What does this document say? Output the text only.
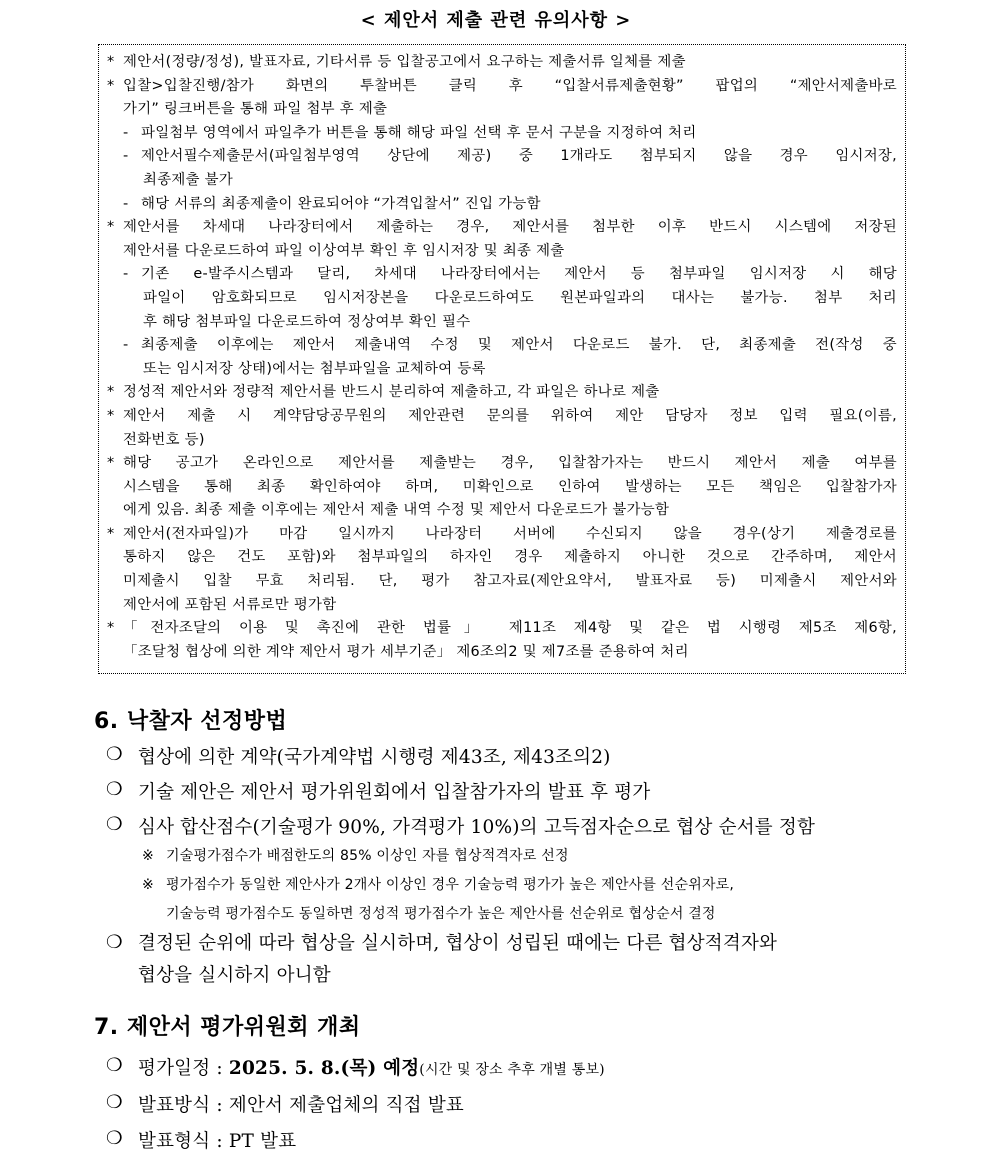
< 제안서 제출 관련 유의사항 >
* 제안서(정량/정성), 발표자료, 기타서류 등 입찰공고에서 요구하는 제출서류 일체를 제출
* 입찰>입찰진행/참가 화면의 투찰버튼 클릭 후 “입찰서류제출현황” 팝업의 “제안서제출바로
가기” 링크버튼을 통해 파일 첨부 후 제출
- 파일첨부 영역에서 파일추가 버튼을 통해 해당 파일 선택 후 문서 구분을 지정하여 처리
- 제안서필수제출문서(파일첨부영역 상단에 제공) 중 1개라도 첨부되지 않을 경우 임시저장,
최종제출 불가
- 해당 서류의 최종제출이 완료되어야 “가격입찰서” 진입 가능함
* 제안서를 차세대 나라장터에서 제출하는 경우, 제안서를 첨부한 이후 반드시 시스템에 저장된
제안서를 다운로드하여 파일 이상여부 확인 후 임시저장 및 최종 제출
- 기존 e-발주시스템과 달리, 차세대 나라장터에서는 제안서 등 첨부파일 임시저장 시 해당
파일이 암호화되므로 임시저장본을 다운로드하여도 원본파일과의 대사는 불가능. 첨부 처리
후 해당 첨부파일 다운로드하여 정상여부 확인 필수
- 최종제출 이후에는 제안서 제출내역 수정 및 제안서 다운로드 불가. 단, 최종제출 전(작성 중
또는 임시저장 상태)에서는 첨부파일을 교체하여 등록
* 정성적 제안서와 정량적 제안서를 반드시 분리하여 제출하고, 각 파일은 하나로 제출
* 제안서 제출 시 계약담당공무원의 제안관련 문의를 위하여 제안 담당자 정보 입력 필요(이름,
전화번호 등)
* 해당 공고가 온라인으로 제안서를 제출받는 경우, 입찰참가자는 반드시 제안서 제출 여부를
시스템을 통해 최종 확인하여야 하며, 미확인으로 인하여 발생하는 모든 책임은 입찰참가자
에게 있음. 최종 제출 이후에는 제안서 제출 내역 수정 및 제안서 다운로드가 불가능함
* 제안서(전자파일)가 마감 일시까지 나라장터 서버에 수신되지 않을 경우(상기 제출경로를
통하지 않은 건도 포함)와 첨부파일의 하자인 경우 제출하지 아니한 것으로 간주하며, 제안서
미제출시 입찰 무효 처리됨. 단, 평가 참고자료(제안요약서, 발표자료 등) 미제출시 제안서와
제안서에 포함된 서류로만 평가함
* 「전자조달의 이용 및 촉진에 관한 법률」 제11조 제4항 및 같은 법 시행령 제5조 제6항,
「조달청 협상에 의한 계약 제안서 평가 세부기준」 제6조의2 및 제7조를 준용하여 처리
6. 낙찰자 선정방법
❍ 협상에 의한 계약(국가계약법 시행령 제43조, 제43조의2)
❍ 기술 제안은 제안서 평가위원회에서 입찰참가자의 발표 후 평가
❍ 심사 합산점수(기술평가 90%, 가격평가 10%)의 고득점자순으로 협상 순서를 정함
※ 기술평가점수가 배점한도의 85% 이상인 자를 협상적격자로 선정
※ 평가점수가 동일한 제안사가 2개사 이상인 경우 기술능력 평가가 높은 제안사를 선순위자로,
기술능력 평가점수도 동일하면 정성적 평가점수가 높은 제안사를 선순위로 협상순서 결정
❍ 결정된 순위에 따라 협상을 실시하며, 협상이 성립된 때에는 다른 협상적격자와
협상을 실시하지 아니함
7. 제안서 평가위원회 개최
❍ 평가일정 : 2025. 5. 8.(목) 예정(시간 및 장소 추후 개별 통보)
❍ 발표방식 : 제안서 제출업체의 직접 발표
❍ 발표형식 : PT 발표
